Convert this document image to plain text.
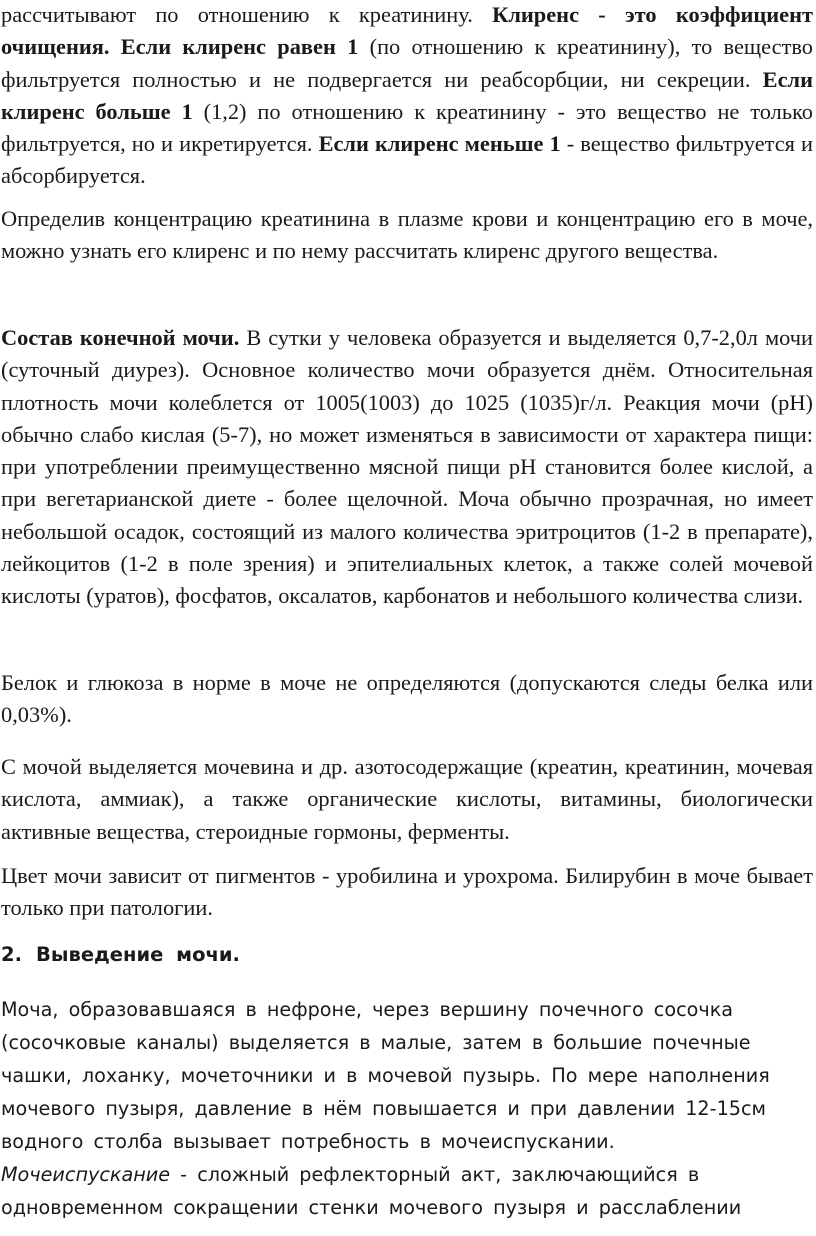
рассчитывают по отношению к креатинину. Клиренс - это коэффициент очищения. Если клиренс равен 1 (по отношению к креатинину), то вещество фильтруется полностью и не подвергается ни реабсорбции, ни секреции. Если клиренс больше 1 (1,2) по отношению к креатинину - это вещество не только фильтруется, но и икретируется. Если клиренс меньше 1 - вещество фильтруется и абсорбируется.

Определив концентрацию креатинина в плазме крови и концентрацию его в моче, можно узнать его клиренс и по нему рассчитать клиренс другого вещества.

Состав конечной мочи. В сутки у человека образуется и выделяется 0,7-2,0л мочи (суточный диурез). Основное количество мочи образуется днём. Относительная плотность мочи колеблется от 1005(1003) до 1025 (1035)г/л. Реакция мочи (pH) обычно слабо кислая (5-7), но может изменяться в зависимости от характера пищи: при употреблении преимущественно мясной пищи pH становится более кислой, а при вегетарианской диете - более щелочной. Моча обычно прозрачная, но имеет небольшой осадок, состоящий из малого количества эритроцитов (1-2 в препарате), лейкоцитов (1-2 в поле зрения) и эпителиальных клеток, а также солей мочевой кислоты (уратов), фосфатов, оксалатов, карбонатов и небольшого количества слизи.

Белок и глюкоза в норме в моче не определяются (допускаются следы белка или 0,03%).

С мочой выделяется мочевина и др. азотосодержащие (креатин, креатинин, мочевая кислота, аммиак), а также органические кислоты, витамины, биологически активные вещества, стероидные гормоны, ферменты.

Цвет мочи зависит от пигментов - уробилина и урохрома. Билирубин в моче бывает только при патологии.

2. Выведение мочи.

Моча, образовавшаяся в нефроне, через вершину почечного сосочка
(сосочковые каналы) выделяется в малые, затем в большие почечные
чашки, лоханку, мочеточники и в мочевой пузырь. По мере наполнения
мочевого пузыря, давление в нём повышается и при давлении 12-15см
водного столба вызывает потребность в мочеиспускании.
Мочеиспускание - сложный рефлекторный акт, заключающийся в
одновременном сокращении стенки мочевого пузыря и расслаблении
